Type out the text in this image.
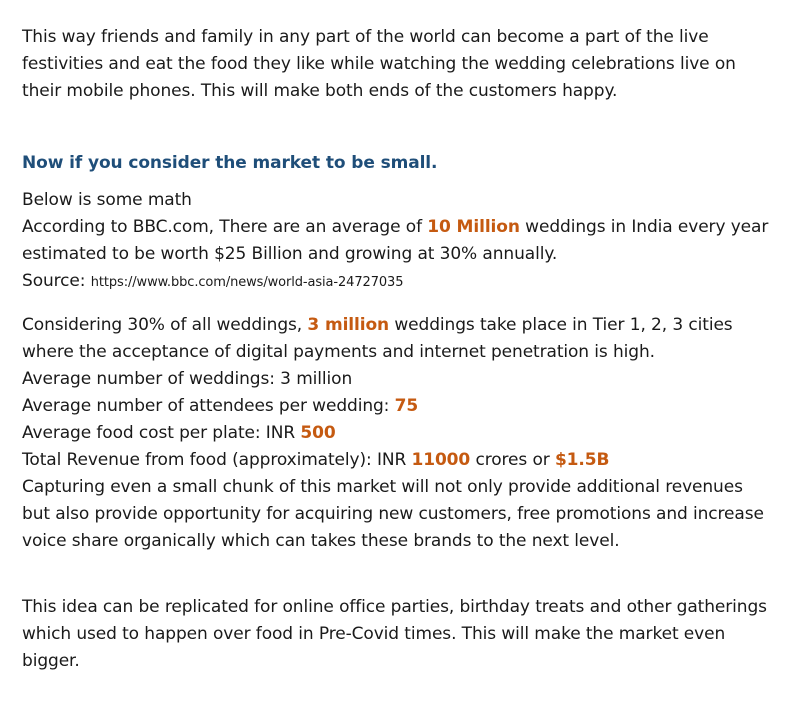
This way friends and family in any part of the world can become a part of the live festivities and eat the food they like while watching the wedding celebrations live on their mobile phones. This will make both ends of the customers happy.

Now if you consider the market to be small.

Below is some math

According to BBC.com, There are an average of 10 Million weddings in India every year estimated to be worth $25 Billion and growing at 30% annually.

Source: https://www.bbc.com/news/world-asia-24727035

Considering 30% of all weddings, 3 million weddings take place in Tier 1, 2, 3 cities where the acceptance of digital payments and internet penetration is high.

Average number of weddings: 3 million

Average number of attendees per wedding: 75

Average food cost per plate: INR 500

Total Revenue from food (approximately): INR 11000 crores or $1.5B

Capturing even a small chunk of this market will not only provide additional revenues but also provide opportunity for acquiring new customers, free promotions and increase voice share organically which can takes these brands to the next level.

This idea can be replicated for online office parties, birthday treats and other gatherings which used to happen over food in Pre-Covid times. This will make the market even bigger.
